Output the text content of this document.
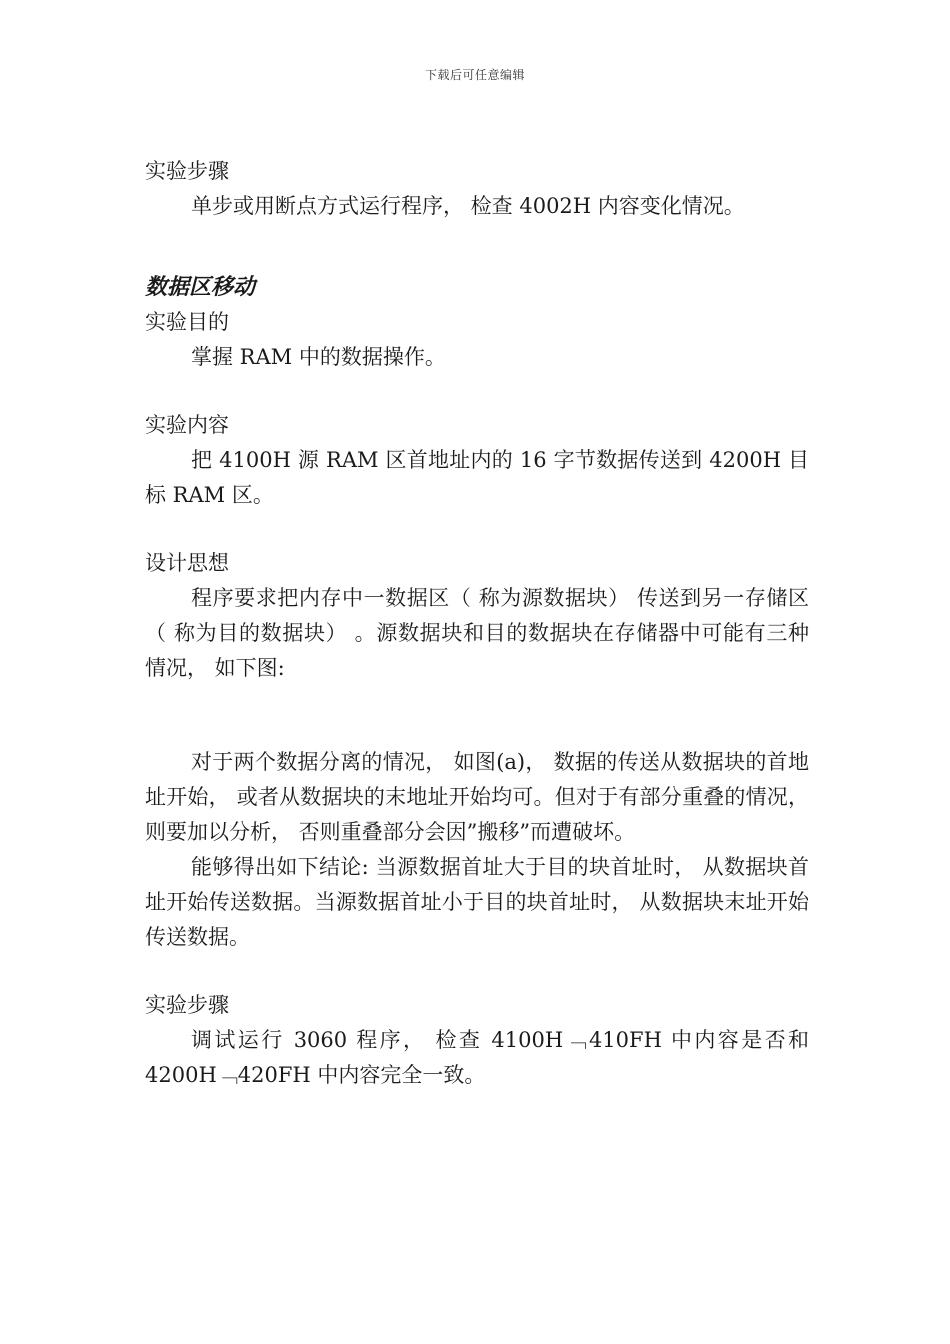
下载后可任意编辑

实验步骤

单步或用断点方式运行程序， 检查 4002H 内容变化情况。

数据区移动

实验目的

掌握 RAM 中的数据操作。

实验内容

把 4100H 源 RAM 区首地址内的 16 字节数据传送到 4200H 目标 RAM 区。

设计思想

程序要求把内存中一数据区（ 称为源数据块） 传送到另一存储区（ 称为目的数据块） 。源数据块和目的数据块在存储器中可能有三种情况， 如下图:

对于两个数据分离的情况， 如图(a)， 数据的传送从数据块的首地址开始， 或者从数据块的末地址开始均可。但对于有部分重叠的情况， 则要加以分析， 否则重叠部分会因”搬移”而遭破坏。

能够得出如下结论: 当源数据首址大于目的块首址时， 从数据块首址开始传送数据。当源数据首址小于目的块首址时， 从数据块末址开始传送数据。

实验步骤

调试运行 3060 程序， 检查 4100H﹁410FH 中内容是否和 4200H﹁420FH 中内容完全一致。
